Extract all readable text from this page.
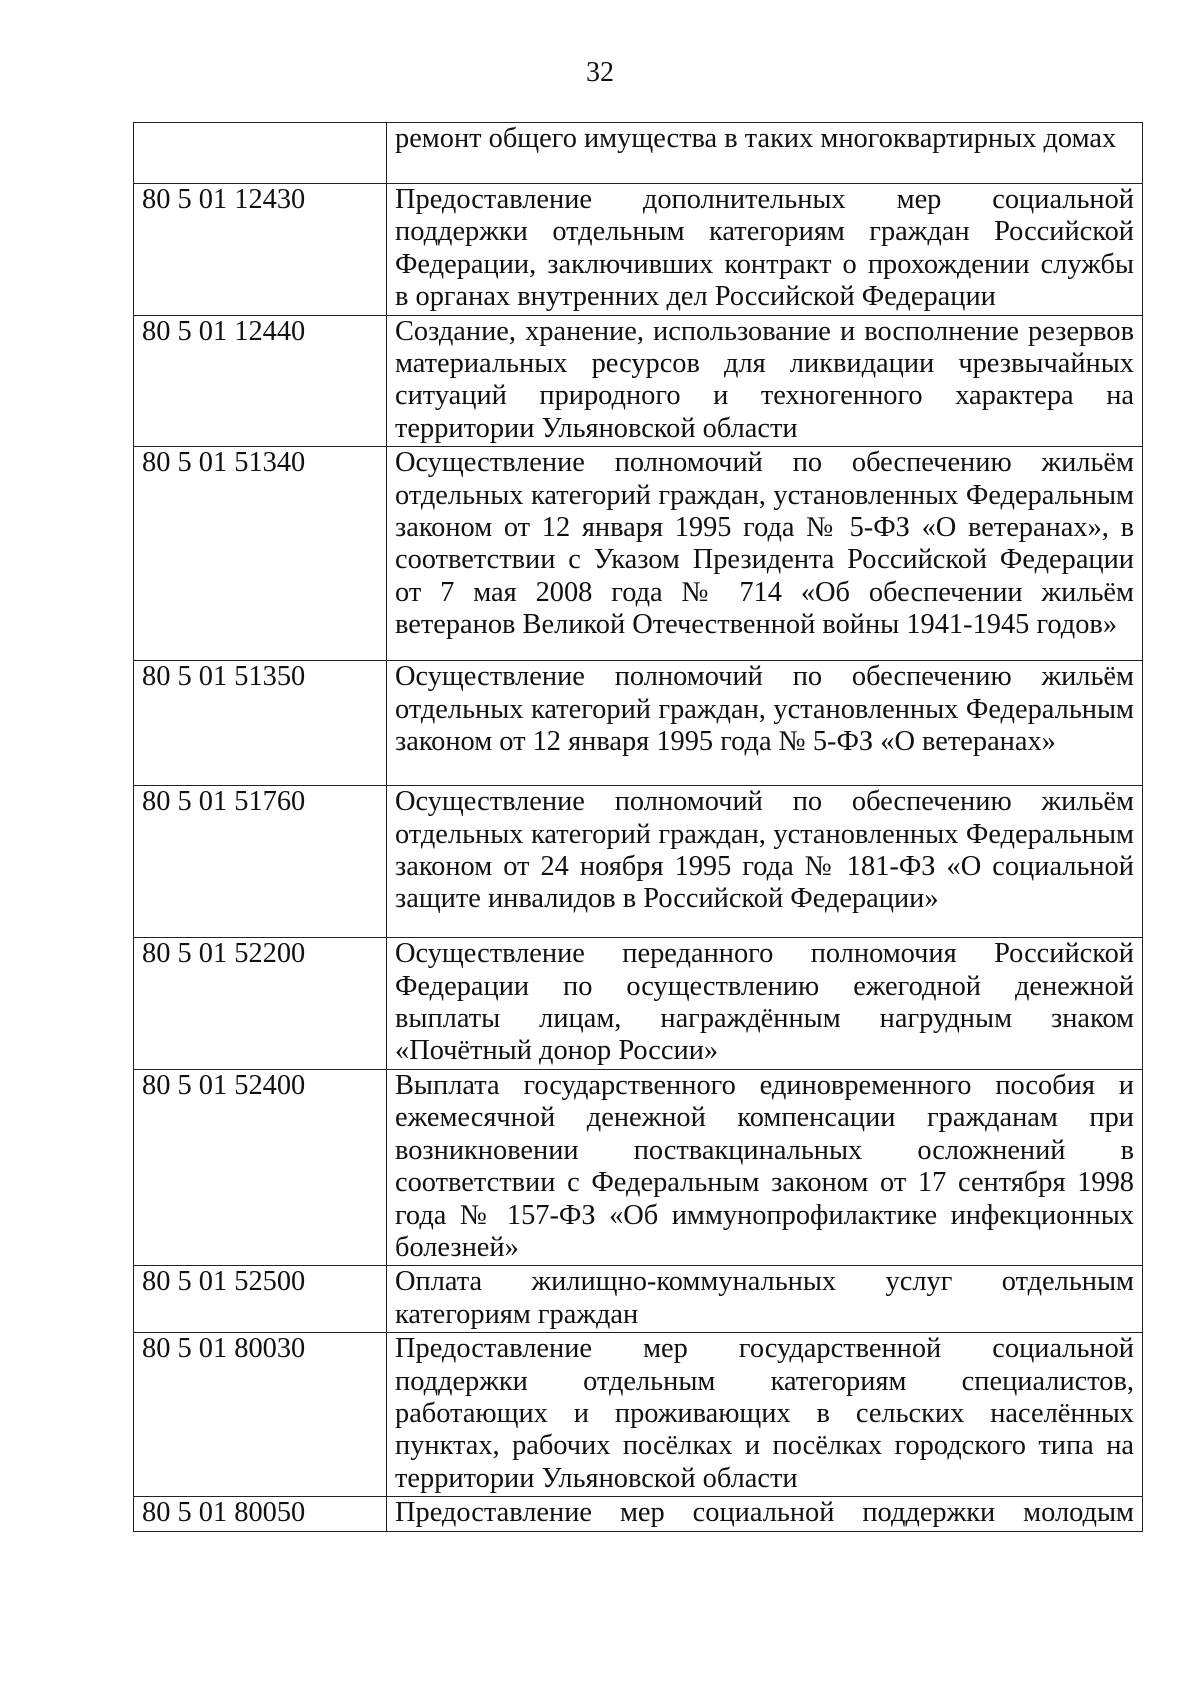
32
	ремонт общего имущества в таких многоквартирных домах
80 5 01 12430	Предоставление дополнительных мер социальной поддержки отдельным категориям граждан Российской Федерации, заключивших контракт о прохождении службы в органах внутренних дел Российской Федерации
80 5 01 12440	Создание, хранение, использование и восполнение резервов материальных ресурсов для ликвидации чрезвычайных ситуаций природного и техногенного характера на территории Ульяновской области
80 5 01 51340	Осуществление полномочий по обеспечению жильём отдельных категорий граждан, установленных Федеральным законом от 12 января 1995 года № 5-ФЗ «О ветеранах», в соответствии с Указом Президента Российской Федерации от 7 мая 2008 года № 714 «Об обеспечении жильём ветеранов Великой Отечественной войны 1941-1945 годов»
80 5 01 51350	Осуществление полномочий по обеспечению жильём отдельных категорий граждан, установленных Федеральным законом от 12 января 1995 года № 5-ФЗ «О ветеранах»
80 5 01 51760	Осуществление полномочий по обеспечению жильём отдельных категорий граждан, установленных Федеральным законом от 24 ноября 1995 года № 181-ФЗ «О социальной защите инвалидов в Российской Федерации»
80 5 01 52200	Осуществление переданного полномочия Российской Федерации по осуществлению ежегодной денежной выплаты лицам, награждённым нагрудным знаком «Почётный донор России»
80 5 01 52400	Выплата государственного единовременного пособия и ежемесячной денежной компенсации гражданам при возникновении поствакцинальных осложнений в соответствии с Федеральным законом от 17 сентября 1998 года № 157-ФЗ «Об иммунопрофилактике инфекционных болезней»
80 5 01 52500	Оплата жилищно-коммунальных услуг отдельным категориям граждан
80 5 01 80030	Предоставление мер государственной социальной поддержки отдельным категориям специалистов, работающих и проживающих в сельских населённых пунктах, рабочих посёлках и посёлках городского типа на территории Ульяновской области
80 5 01 80050	Предоставление мер социальной поддержки молодым
